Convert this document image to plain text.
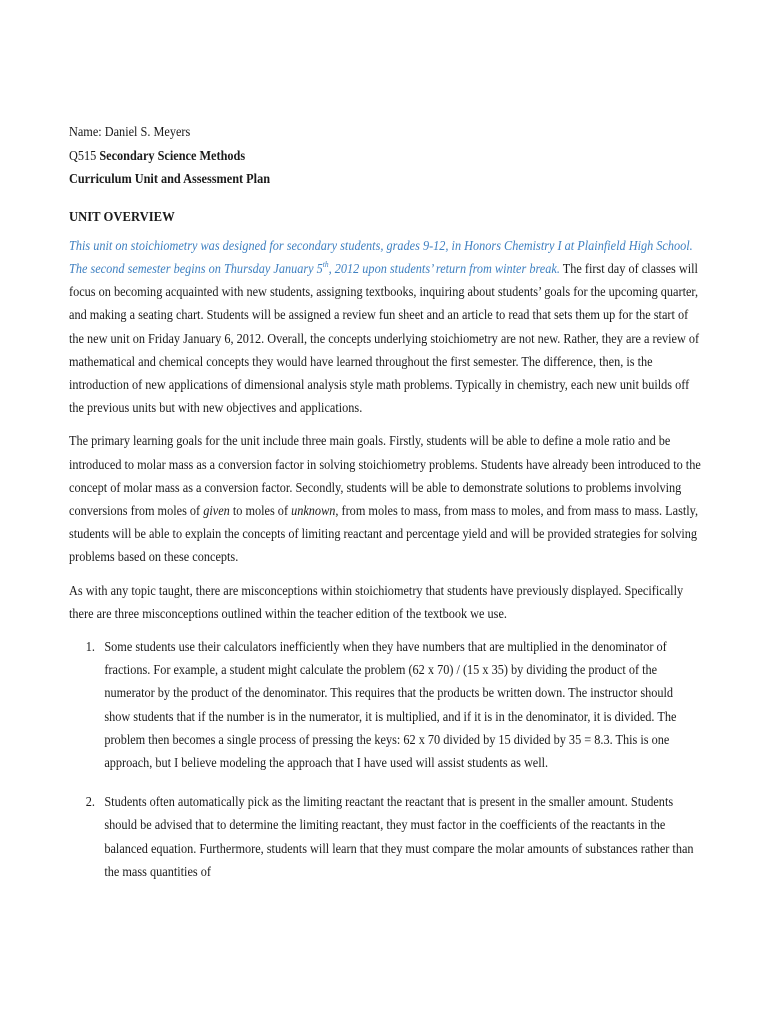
Name: Daniel S. Meyers
Q515 Secondary Science Methods
Curriculum Unit and Assessment Plan
UNIT OVERVIEW

This unit on stoichiometry was designed for secondary students, grades 9-12, in Honors Chemistry I at Plainfield High School. The second semester begins on Thursday January 5th, 2012 upon students’ return from winter break. The first day of classes will focus on becoming acquainted with new students, assigning textbooks, inquiring about students’ goals for the upcoming quarter, and making a seating chart. Students will be assigned a review fun sheet and an article to read that sets them up for the start of the new unit on Friday January 6, 2012. Overall, the concepts underlying stoichiometry are not new. Rather, they are a review of mathematical and chemical concepts they would have learned throughout the first semester. The difference, then, is the introduction of new applications of dimensional analysis style math problems. Typically in chemistry, each new unit builds off the previous units but with new objectives and applications.

The primary learning goals for the unit include three main goals. Firstly, students will be able to define a mole ratio and be introduced to molar mass as a conversion factor in solving stoichiometry problems. Students have already been introduced to the concept of molar mass as a conversion factor. Secondly, students will be able to demonstrate solutions to problems involving conversions from moles of given to moles of unknown, from moles to mass, from mass to moles, and from mass to mass. Lastly, students will be able to explain the concepts of limiting reactant and percentage yield and will be provided strategies for solving problems based on these concepts.

As with any topic taught, there are misconceptions within stoichiometry that students have previously displayed. Specifically there are three misconceptions outlined within the teacher edition of the textbook we use.

1. Some students use their calculators inefficiently when they have numbers that are multiplied in the denominator of fractions. For example, a student might calculate the problem (62 x 70) / (15 x 35) by dividing the product of the numerator by the product of the denominator. This requires that the products be written down. The instructor should show students that if the number is in the numerator, it is multiplied, and if it is in the denominator, it is divided. The problem then becomes a single process of pressing the keys: 62 x 70 divided by 15 divided by 35 = 8.3. This is one approach, but I believe modeling the approach that I have used will assist students as well.
2. Students often automatically pick as the limiting reactant the reactant that is present in the smaller amount. Students should be advised that to determine the limiting reactant, they must factor in the coefficients of the reactants in the balanced equation. Furthermore, students will learn that they must compare the molar amounts of substances rather than the mass quantities of
